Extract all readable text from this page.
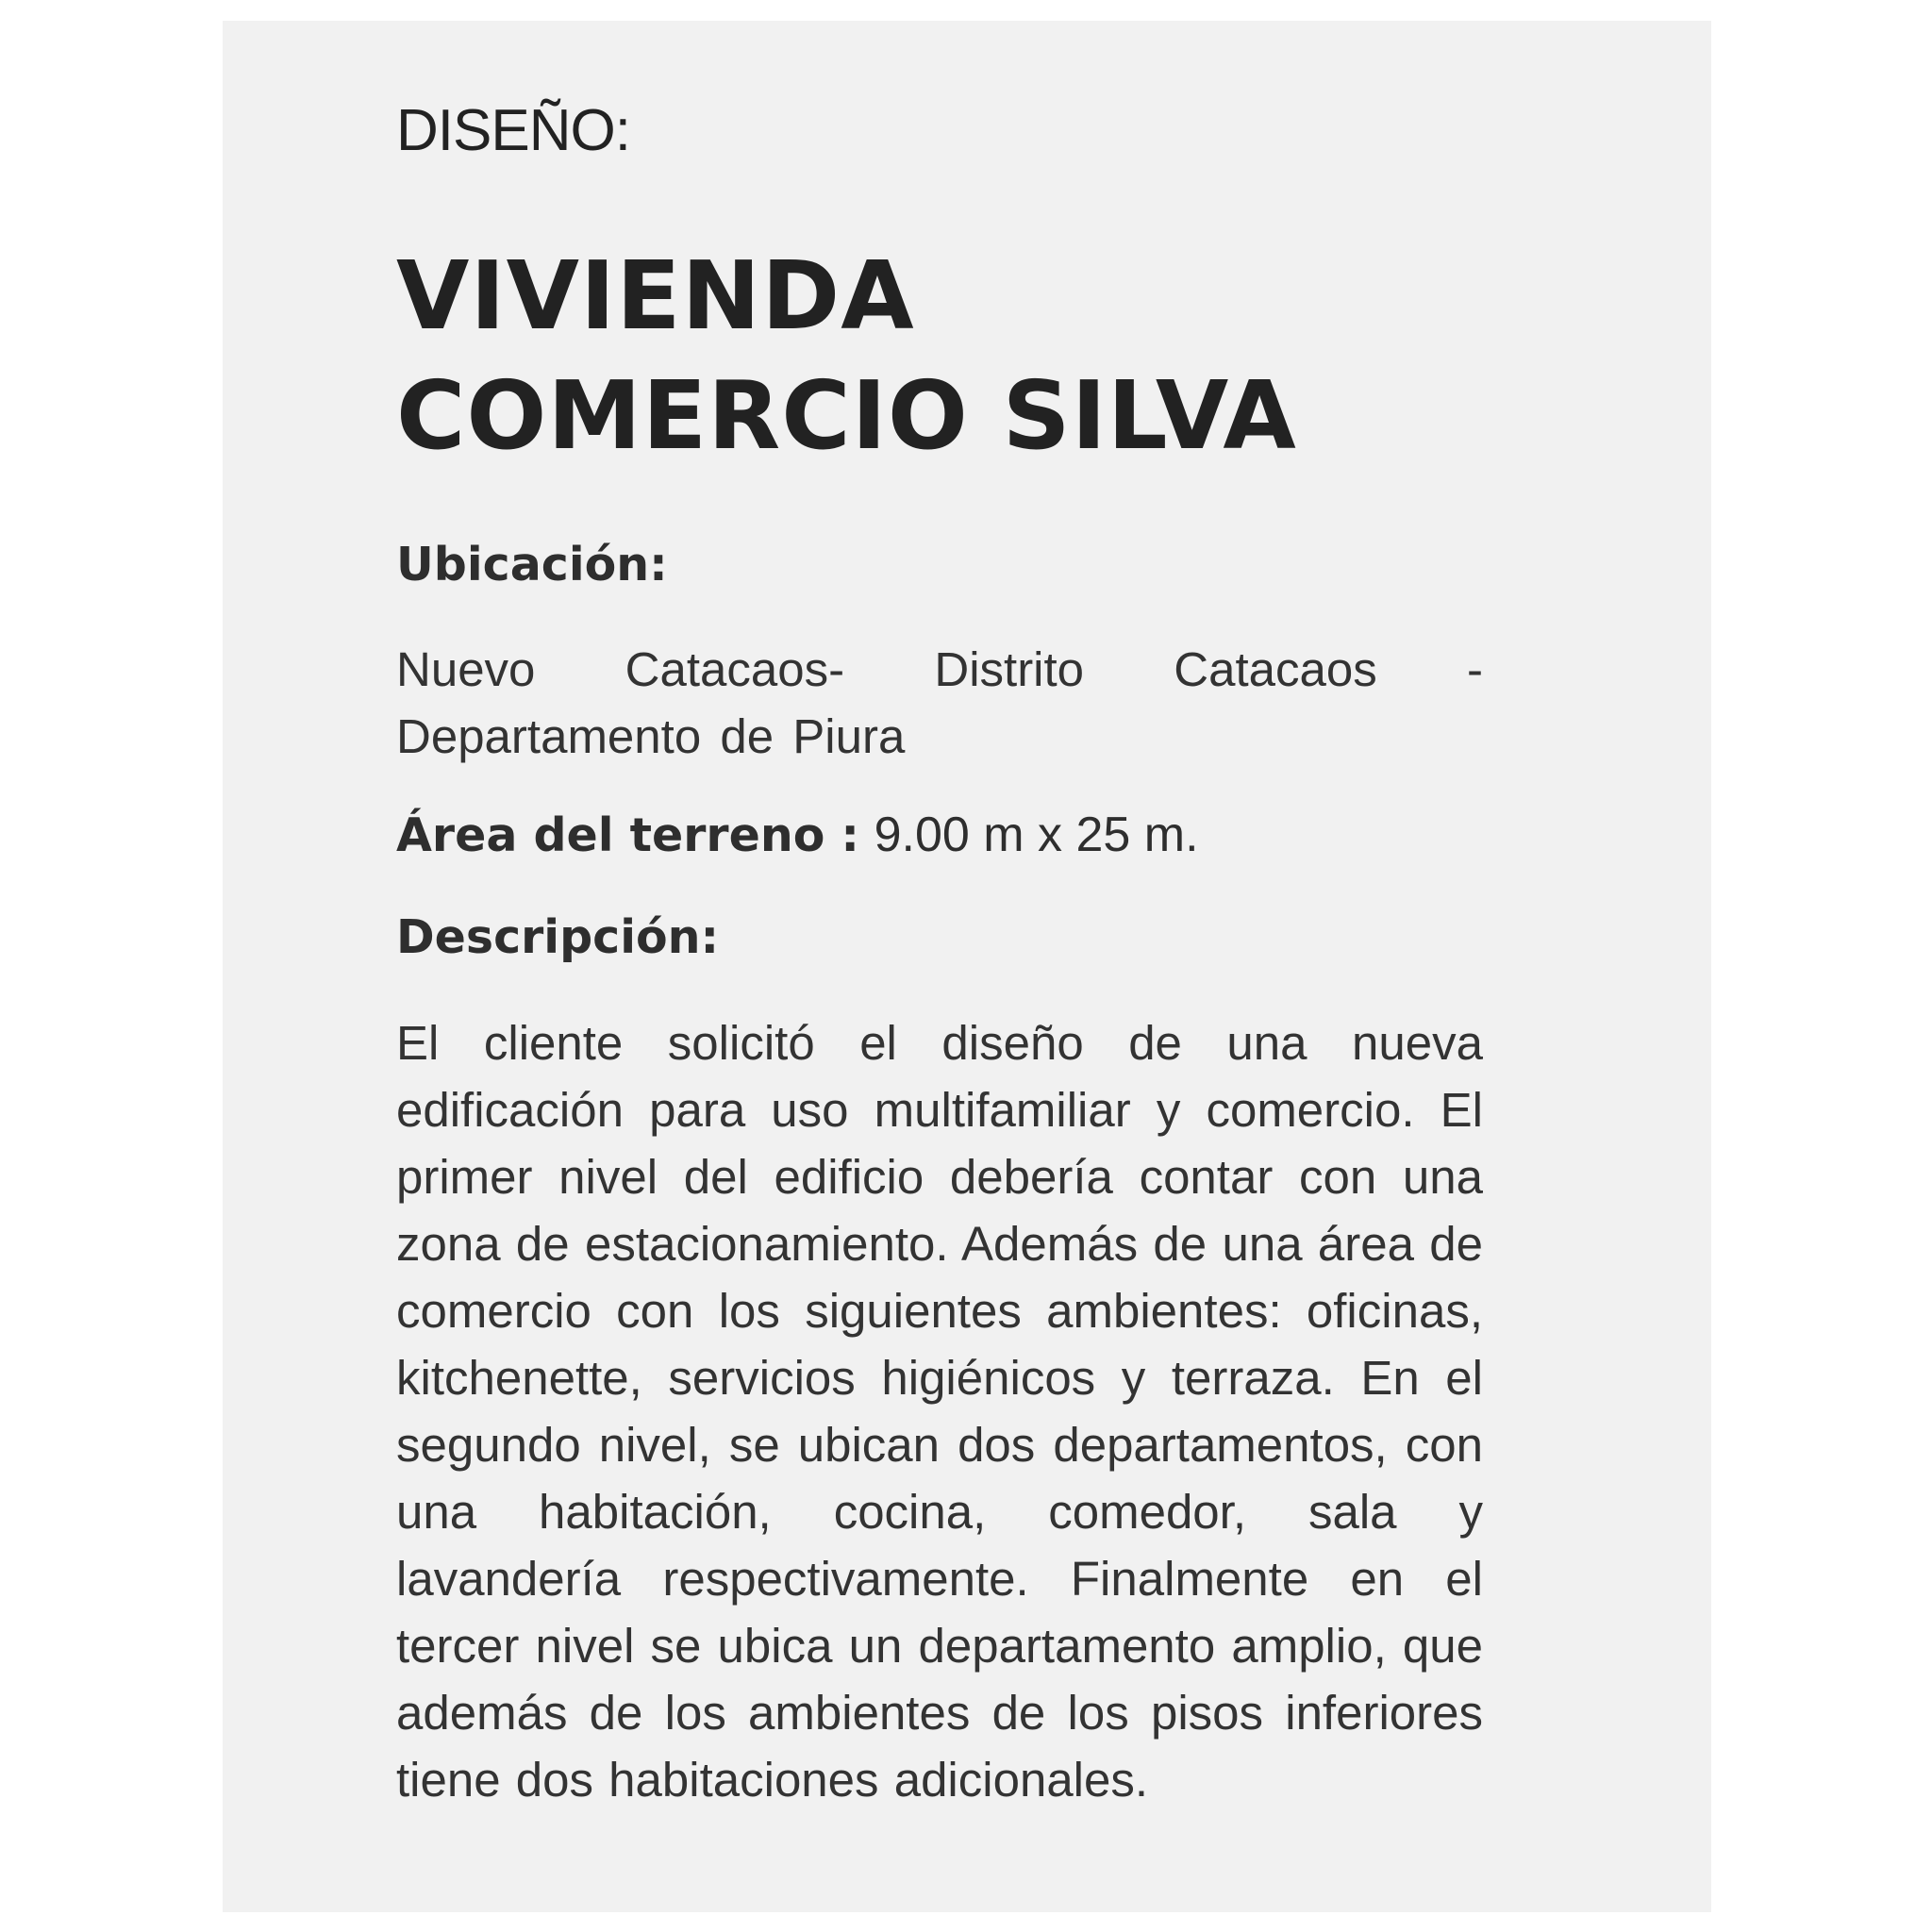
DISEÑO:

VIVIENDA
COMERCIO SILVA
Ubicación:

Nuevo Catacaos- Distrito Catacaos - Departamento de Piura

Área del terreno : 9.00 m x 25 m.

Descripción:

El cliente solicitó el diseño de una nueva edificación para uso multifamiliar y comercio. El primer nivel del edificio debería contar con una zona de estacionamiento. Además de una área de comercio con los siguientes ambientes: oficinas, kitchenette, servicios higiénicos y terraza. En el segundo nivel, se ubican dos departamentos, con una habitación, cocina, comedor, sala y lavandería respectivamente. Finalmente en el tercer nivel se ubica un departamento amplio, que además de los ambientes de los pisos inferiores tiene dos habitaciones adicionales.
